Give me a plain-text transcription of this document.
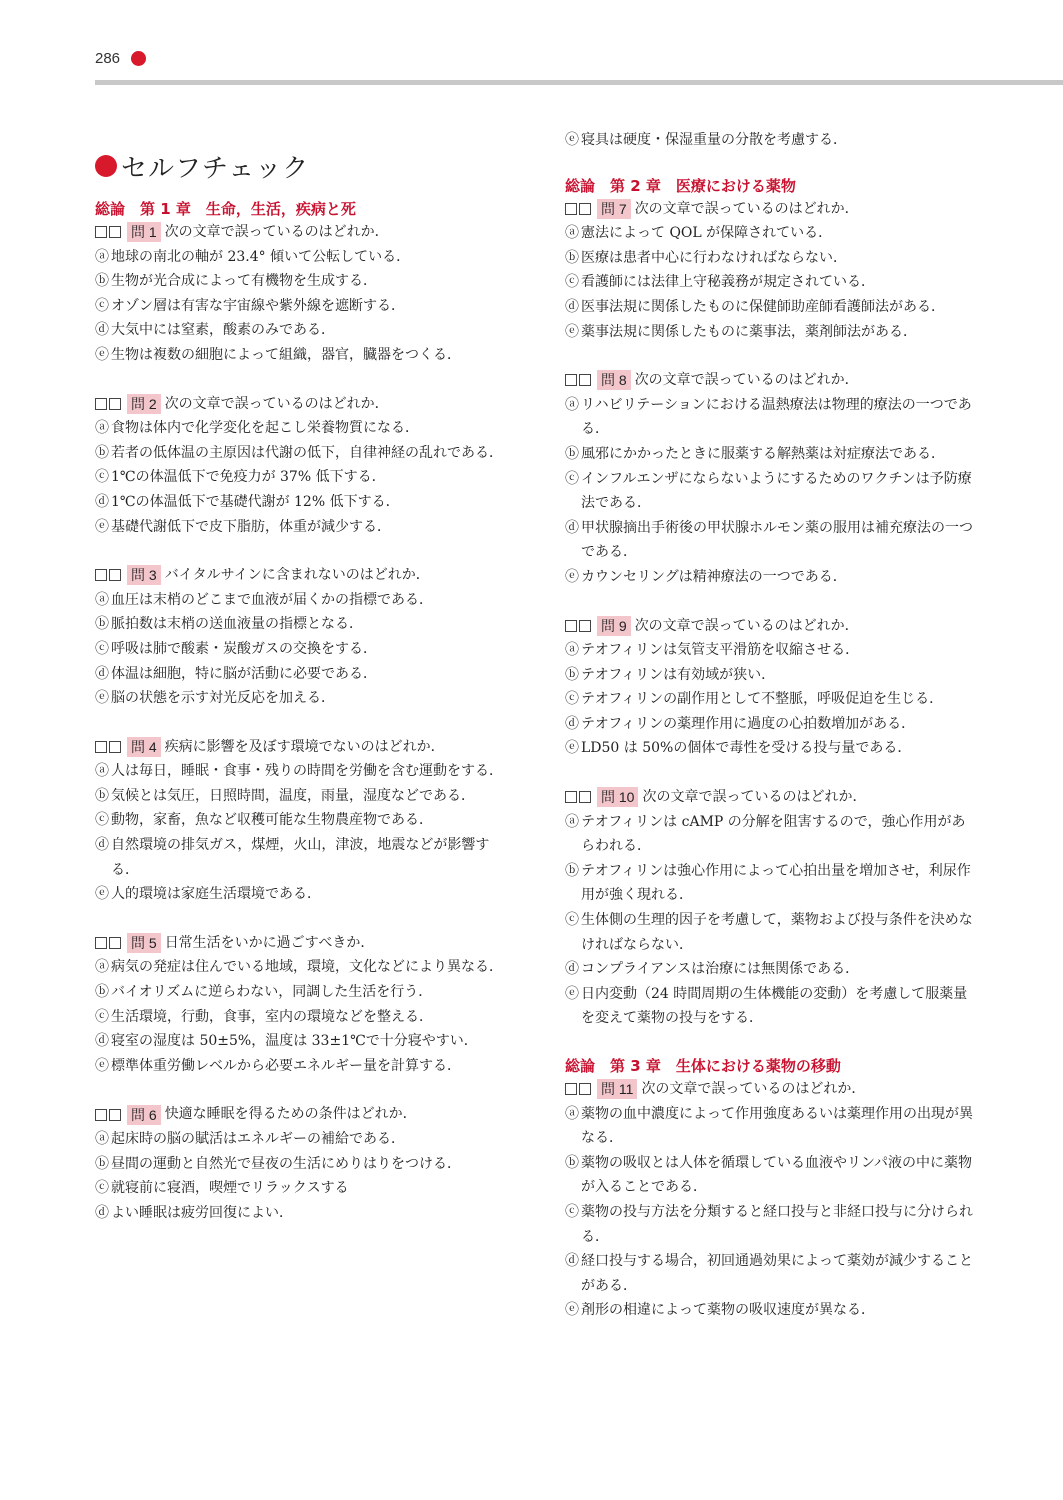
286
セルフチェック
総論　第 1 章　生命，生活，疾病と死
問 1 次の文章で誤っているのはどれか．
ⓐ 地球の南北の軸が 23.4° 傾いて公転している．
ⓑ 生物が光合成によって有機物を生成する．
ⓒ オゾン層は有害な宇宙線や紫外線を遮断する．
ⓓ 大気中には窒素，酸素のみである．
ⓔ 生物は複数の細胞によって組織，器官，臓器をつくる．
問 2 次の文章で誤っているのはどれか．
ⓐ 食物は体内で化学変化を起こし栄養物質になる．
ⓑ 若者の低体温の主原因は代謝の低下，自律神経の乱れである．
ⓒ 1℃の体温低下で免疫力が 37% 低下する．
ⓓ 1℃の体温低下で基礎代謝が 12% 低下する．
ⓔ 基礎代謝低下で皮下脂肪，体重が減少する．
問 3 バイタルサインに含まれないのはどれか．
ⓐ 血圧は末梢のどこまで血液が届くかの指標である．
ⓑ 脈拍数は末梢の送血液量の指標となる．
ⓒ 呼吸は肺で酸素・炭酸ガスの交換をする．
ⓓ 体温は細胞，特に脳が活動に必要である．
ⓔ 脳の状態を示す対光反応を加える．
問 4 疾病に影響を及ぼす環境でないのはどれか．
ⓐ 人は毎日，睡眠・食事・残りの時間を労働を含む運動をする．
ⓑ 気候とは気圧，日照時間，温度，雨量，湿度などである．
ⓒ 動物，家畜，魚など収穫可能な生物農産物である．
ⓓ 自然環境の排気ガス，煤煙，火山，津波，地震などが影響する．
ⓔ 人的環境は家庭生活環境である．
問 5 日常生活をいかに過ごすべきか．
ⓐ 病気の発症は住んでいる地域，環境，文化などにより異なる．
ⓑ バイオリズムに逆らわない，同調した生活を行う．
ⓒ 生活環境，行動，食事，室内の環境などを整える．
ⓓ 寝室の湿度は 50±5%，温度は 33±1℃で十分寝やすい．
ⓔ 標準体重労働レベルから必要エネルギー量を計算する．
問 6 快適な睡眠を得るための条件はどれか．
ⓐ 起床時の脳の賦活はエネルギーの補給である．
ⓑ 昼間の運動と自然光で昼夜の生活にめりはりをつける．
ⓒ 就寝前に寝酒，喫煙でリラックスする
ⓓ よい睡眠は疲労回復によい．
ⓔ 寝具は硬度・保湿重量の分散を考慮する．
総論　第 2 章　医療における薬物
問 7 次の文章で誤っているのはどれか．
ⓐ 憲法によって QOL が保障されている．
ⓑ 医療は患者中心に行わなければならない．
ⓒ 看護師には法律上守秘義務が規定されている．
ⓓ 医事法規に関係したものに保健師助産師看護師法がある．
ⓔ 薬事法規に関係したものに薬事法，薬剤師法がある．
問 8 次の文章で誤っているのはどれか．
ⓐ リハビリテーションにおける温熱療法は物理的療法の一つである．
ⓑ 風邪にかかったときに服薬する解熱薬は対症療法である．
ⓒ インフルエンザにならないようにするためのワクチンは予防療法である．
ⓓ 甲状腺摘出手術後の甲状腺ホルモン薬の服用は補充療法の一つである．
ⓔ カウンセリングは精神療法の一つである．
問 9 次の文章で誤っているのはどれか．
ⓐ テオフィリンは気管支平滑筋を収縮させる．
ⓑ テオフィリンは有効域が狭い．
ⓒ テオフィリンの副作用として不整脈，呼吸促迫を生じる．
ⓓ テオフィリンの薬理作用に過度の心拍数増加がある．
ⓔ LD50 は 50%の個体で毒性を受ける投与量である．
問 10 次の文章で誤っているのはどれか．
ⓐ テオフィリンは cAMP の分解を阻害するので，強心作用があらわれる．
ⓑ テオフィリンは強心作用によって心拍出量を増加させ，利尿作用が強く現れる．
ⓒ 生体側の生理的因子を考慮して，薬物および投与条件を決めなければならない．
ⓓ コンプライアンスは治療には無関係である．
ⓔ 日内変動（24 時間周期の生体機能の変動）を考慮して服薬量を変えて薬物の投与をする．
総論　第 3 章　生体における薬物の移動
問 11 次の文章で誤っているのはどれか．
ⓐ 薬物の血中濃度によって作用強度あるいは薬理作用の出現が異なる．
ⓑ 薬物の吸収とは人体を循環している血液やリンパ液の中に薬物が入ることである．
ⓒ 薬物の投与方法を分類すると経口投与と非経口投与に分けられる．
ⓓ 経口投与する場合，初回通過効果によって薬効が減少することがある．
ⓔ 剤形の相違によって薬物の吸収速度が異なる．
